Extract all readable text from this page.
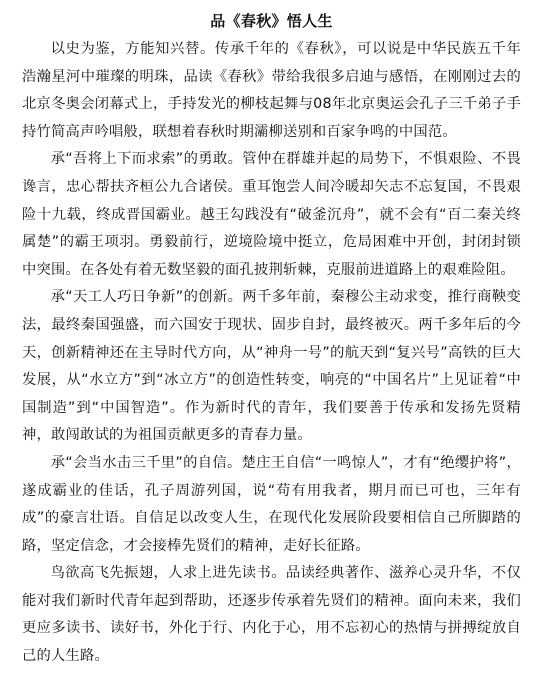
品《春秋》悟人生

以史为鉴，方能知兴替。传承千年的《春秋》，可以说是中华民族五千年浩瀚星河中璀璨的明珠，品读《春秋》带给我很多启迪与感悟，在刚刚过去的北京冬奥会闭幕式上，手持发光的柳枝起舞与08年北京奥运会孔子三千弟子手持竹简高声吟唱般，联想着春秋时期灞柳送别和百家争鸣的中国范。

承“吾将上下而求索”的勇敢。管仲在群雄并起的局势下，不惧艰险、不畏谗言，忠心帮扶齐桓公九合诸侯。重耳饱尝人间冷暖却矢志不忘复国，不畏艰险十九载，终成晋国霸业。越王勾践没有“破釜沉舟”，就不会有“百二秦关终属楚”的霸王项羽。勇毅前行，逆境险境中挺立，危局困难中开创，封闭封锁中突围。在各处有着无数坚毅的面孔披荆斩棘，克服前进道路上的艰难险阻。

承“天工人巧日争新”的创新。两千多年前，秦穆公主动求变，推行商鞅变法，最终秦国强盛，而六国安于现状、固步自封，最终被灭。两千多年后的今天，创新精神还在主导时代方向，从“神舟一号”的航天到“复兴号”高铁的巨大发展，从“水立方”到“冰立方”的创造性转变，响亮的“中国名片”上见证着“中国制造”到“中国智造”。作为新时代的青年，我们要善于传承和发扬先贤精神，敢闯敢试的为祖国贡献更多的青春力量。

承“会当水击三千里”的自信。楚庄王自信“一鸣惊人”，才有“绝缨护将”，遂成霸业的佳话，孔子周游列国，说“苟有用我者，期月而已可也，三年有成”的豪言壮语。自信足以改变人生，在现代化发展阶段要相信自己所脚踏的路，坚定信念，才会接棒先贤们的精神，走好长征路。

鸟欲高飞先振翅，人求上进先读书。品读经典著作、滋养心灵升华，不仅能对我们新时代青年起到帮助，还逐步传承着先贤们的精神。面向未来，我们更应多读书、读好书，外化于行、内化于心，用不忘初心的热情与拼搏绽放自己的人生路。
